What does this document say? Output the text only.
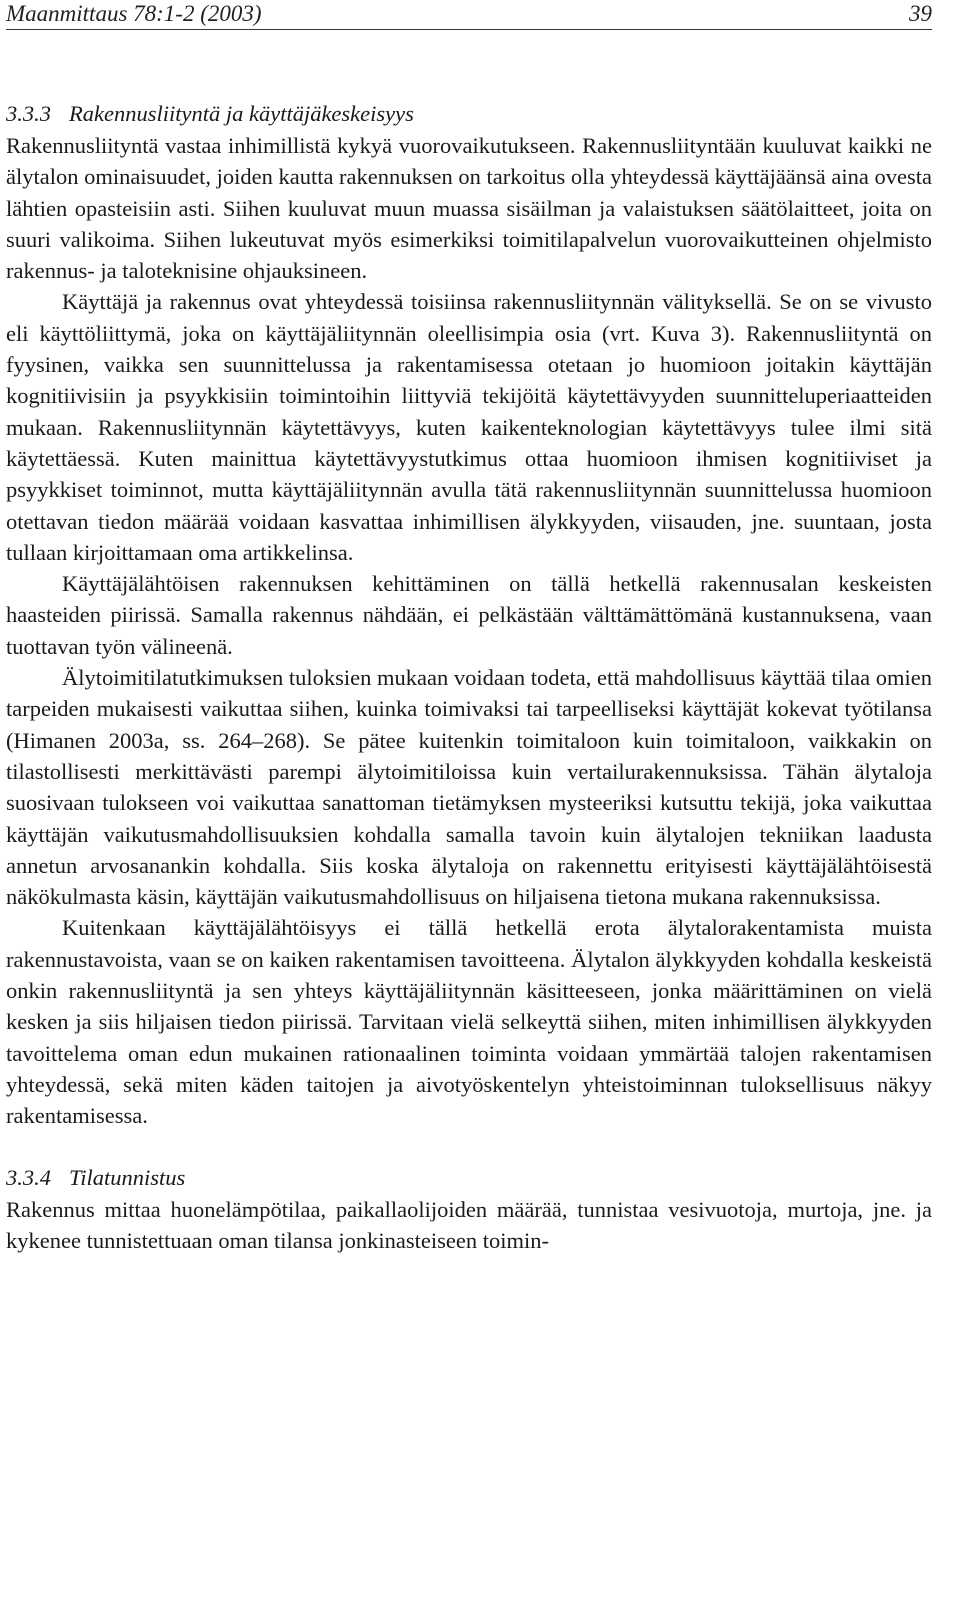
Maanmittaus 78:1-2 (2003)	39
3.3.3 Rakennusliityntä ja käyttäjäkeskeisyys

Rakennusliityntä vastaa inhimillistä kykyä vuorovaikutukseen. Rakennusliityntään kuuluvat kaikki ne älytalon ominaisuudet, joiden kautta rakennuksen on tarkoitus olla yhteydessä käyttäjäänsä aina ovesta lähtien opasteisiin asti. Siihen kuuluvat muun muassa sisäilman ja valaistuksen säätölaitteet, joita on suuri valikoima. Siihen lukeutuvat myös esimerkiksi toimitilapalvelun vuorovaikutteinen ohjelmisto rakennus- ja taloteknisine ohjauksineen.

Käyttäjä ja rakennus ovat yhteydessä toisiinsa rakennusliitynnän välityksellä. Se on se vivusto eli käyttöliittymä, joka on käyttäjäliitynnän oleellisimpia osia (vrt. Kuva 3). Rakennusliityntä on fyysinen, vaikka sen suunnittelussa ja rakentamisessa otetaan jo huomioon joitakin käyttäjän kognitiivisiin ja psyykkisiin toimintoihin liittyviä tekijöitä käytettävyyden suunnitteluperiaatteiden mukaan. Rakennusliitynnän käytettävyys, kuten kaikenteknologian käytettävyys tulee ilmi sitä käytettäessä. Kuten mainittua käytettävyystutkimus ottaa huomioon ihmisen kognitiiviset ja psyykkiset toiminnot, mutta käyttäjäliitynnän avulla tätä rakennusliitynnän suunnittelussa huomioon otettavan tiedon määrää voidaan kasvattaa inhimillisen älykkyyden, viisauden, jne. suuntaan, josta tullaan kirjoittamaan oma artikkelinsa.

Käyttäjälähtöisen rakennuksen kehittäminen on tällä hetkellä rakennusalan keskeisten haasteiden piirissä. Samalla rakennus nähdään, ei pelkästään välttämättömänä kustannuksena, vaan tuottavan työn välineenä.

Älytoimitilatutkimuksen tuloksien mukaan voidaan todeta, että mahdollisuus käyttää tilaa omien tarpeiden mukaisesti vaikuttaa siihen, kuinka toimivaksi tai tarpeelliseksi käyttäjät kokevat työtilansa (Himanen 2003a, ss. 264–268). Se pätee kuitenkin toimitaloon kuin toimitaloon, vaikkakin on tilastollisesti merkittävästi parempi älytoimitiloissa kuin vertailurakennuksissa. Tähän älytaloja suosivaan tulokseen voi vaikuttaa sanattoman tietämyksen mysteeriksi kutsuttu tekijä, joka vaikuttaa käyttäjän vaikutusmahdollisuuksien kohdalla samalla tavoin kuin älytalojen tekniikan laadusta annetun arvosanankin kohdalla. Siis koska älytaloja on rakennettu erityisesti käyttäjälähtöisestä näkökulmasta käsin, käyttäjän vaikutusmahdollisuus on hiljaisena tietona mukana rakennuksissa.

Kuitenkaan käyttäjälähtöisyys ei tällä hetkellä erota älytalorakentamista muista rakennustavoista, vaan se on kaiken rakentamisen tavoitteena. Älytalon älykkyyden kohdalla keskeistä onkin rakennusliityntä ja sen yhteys käyttäjäliitynnän käsitteeseen, jonka määrittäminen on vielä kesken ja siis hiljaisen tiedon piirissä. Tarvitaan vielä selkeyttä siihen, miten inhimillisen älykkyyden tavoittelema oman edun mukainen rationaalinen toiminta voidaan ymmärtää talojen rakentamisen yhteydessä, sekä miten käden taitojen ja aivotyöskentelyn yhteistoiminnan tuloksellisuus näkyy rakentamisessa.

3.3.4 Tilatunnistus

Rakennus mittaa huonelämpötilaa, paikallaolijoiden määrää, tunnistaa vesivuotoja, murtoja, jne. ja kykenee tunnistettuaan oman tilansa jonkinasteiseen toimin-
